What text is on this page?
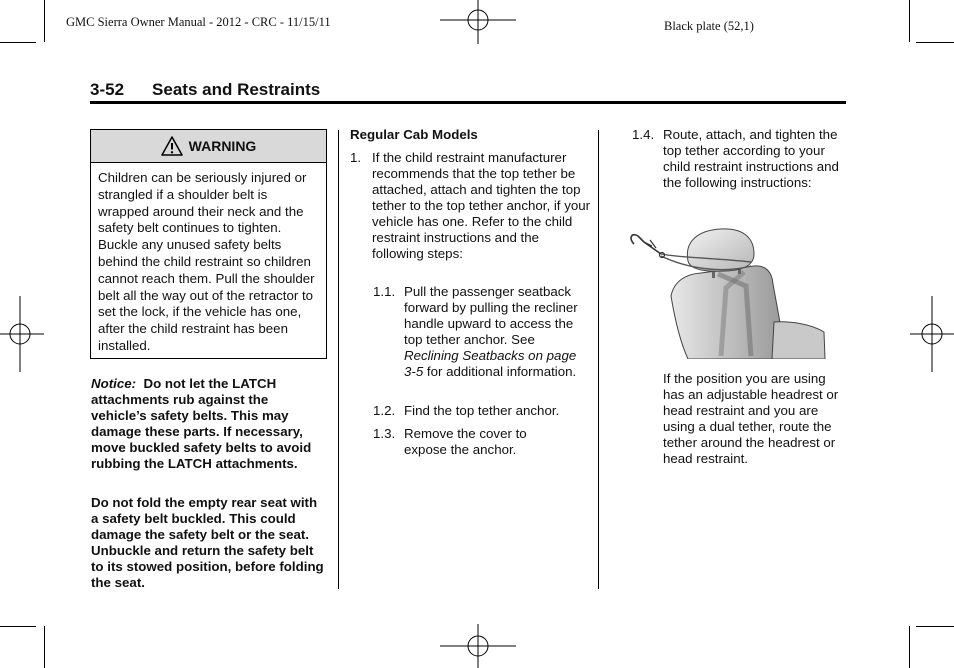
GMC Sierra Owner Manual - 2012 - CRC - 11/15/11	Black plate (52,1)
3-52 Seats and Restraints
WARNING
Children can be seriously injured or strangled if a shoulder belt is wrapped around their neck and the safety belt continues to tighten. Buckle any unused safety belts behind the child restraint so children cannot reach them. Pull the shoulder belt all the way out of the retractor to set the lock, if the vehicle has one, after the child restraint has been installed.
Notice: Do not let the LATCH attachments rub against the vehicle’s safety belts. This may damage these parts. If necessary, move buckled safety belts to avoid rubbing the LATCH attachments.
Do not fold the empty rear seat with a safety belt buckled. This could damage the safety belt or the seat. Unbuckle and return the safety belt to its stowed position, before folding the seat.
Regular Cab Models
1. If the child restraint manufacturer recommends that the top tether be attached, attach and tighten the top tether to the top tether anchor, if your vehicle has one. Refer to the child restraint instructions and the following steps:
1.1. Pull the passenger seatback forward by pulling the recliner handle upward to access the top tether anchor. See Reclining Seatbacks on page 3-5 for additional information.
1.2. Find the top tether anchor.
1.3. Remove the cover to expose the anchor.
1.4. Route, attach, and tighten the top tether according to your child restraint instructions and the following instructions:
If the position you are using has an adjustable headrest or head restraint and you are using a dual tether, route the tether around the headrest or head restraint.
